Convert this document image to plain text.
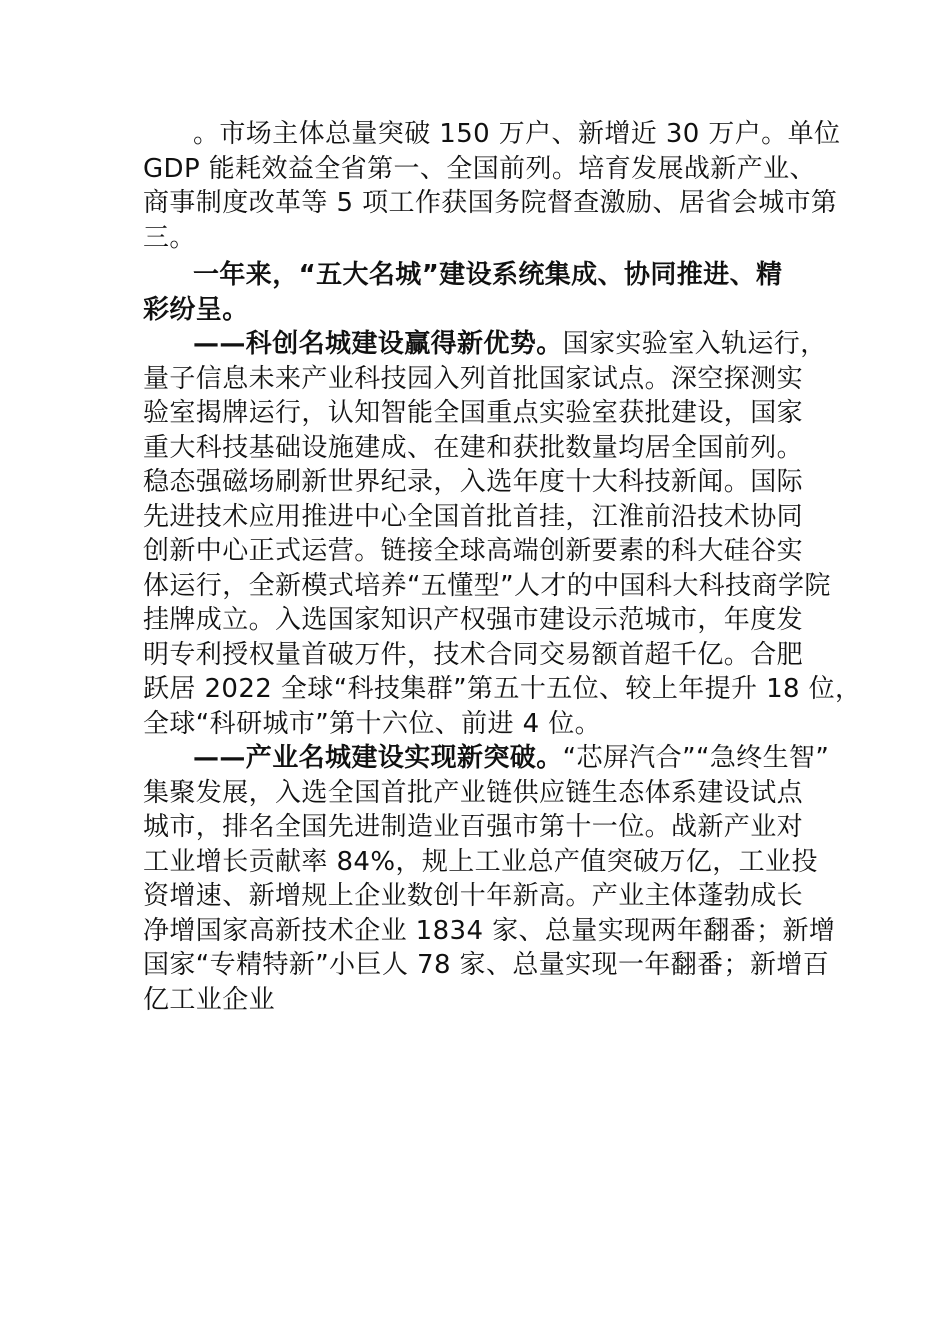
。市场主体总量突破 150 万户、新增近 30 万户。单位
GDP 能耗效益全省第一、全国前列。培育发展战新产业、
商事制度改革等 5 项工作获国务院督查激励、居省会城市第
三。
一年来，“五大名城”建设系统集成、协同推进、精
彩纷呈。
——科创名城建设赢得新优势。国家实验室入轨运行，
量子信息未来产业科技园入列首批国家试点。深空探测实
验室揭牌运行，认知智能全国重点实验室获批建设，国家
重大科技基础设施建成、在建和获批数量均居全国前列。
稳态强磁场刷新世界纪录，入选年度十大科技新闻。国际
先进技术应用推进中心全国首批首挂，江淮前沿技术协同
创新中心正式运营。链接全球高端创新要素的科大硅谷实
体运行，全新模式培养“五懂型”人才的中国科大科技商学院
挂牌成立。入选国家知识产权强市建设示范城市，年度发
明专利授权量首破万件，技术合同交易额首超千亿。合肥
跃居 2022 全球“科技集群”第五十五位、较上年提升 18 位，
全球“科研城市”第十六位、前进 4 位。
——产业名城建设实现新突破。“芯屏汽合”“急终生智”
集聚发展，入选全国首批产业链供应链生态体系建设试点
城市，排名全国先进制造业百强市第十一位。战新产业对
工业增长贡献率 84%，规上工业总产值突破万亿，工业投
资增速、新增规上企业数创十年新高。产业主体蓬勃成长
净增国家高新技术企业 1834 家、总量实现两年翻番；新增
国家“专精特新”小巨人 78 家、总量实现一年翻番；新增百
亿工业企业
